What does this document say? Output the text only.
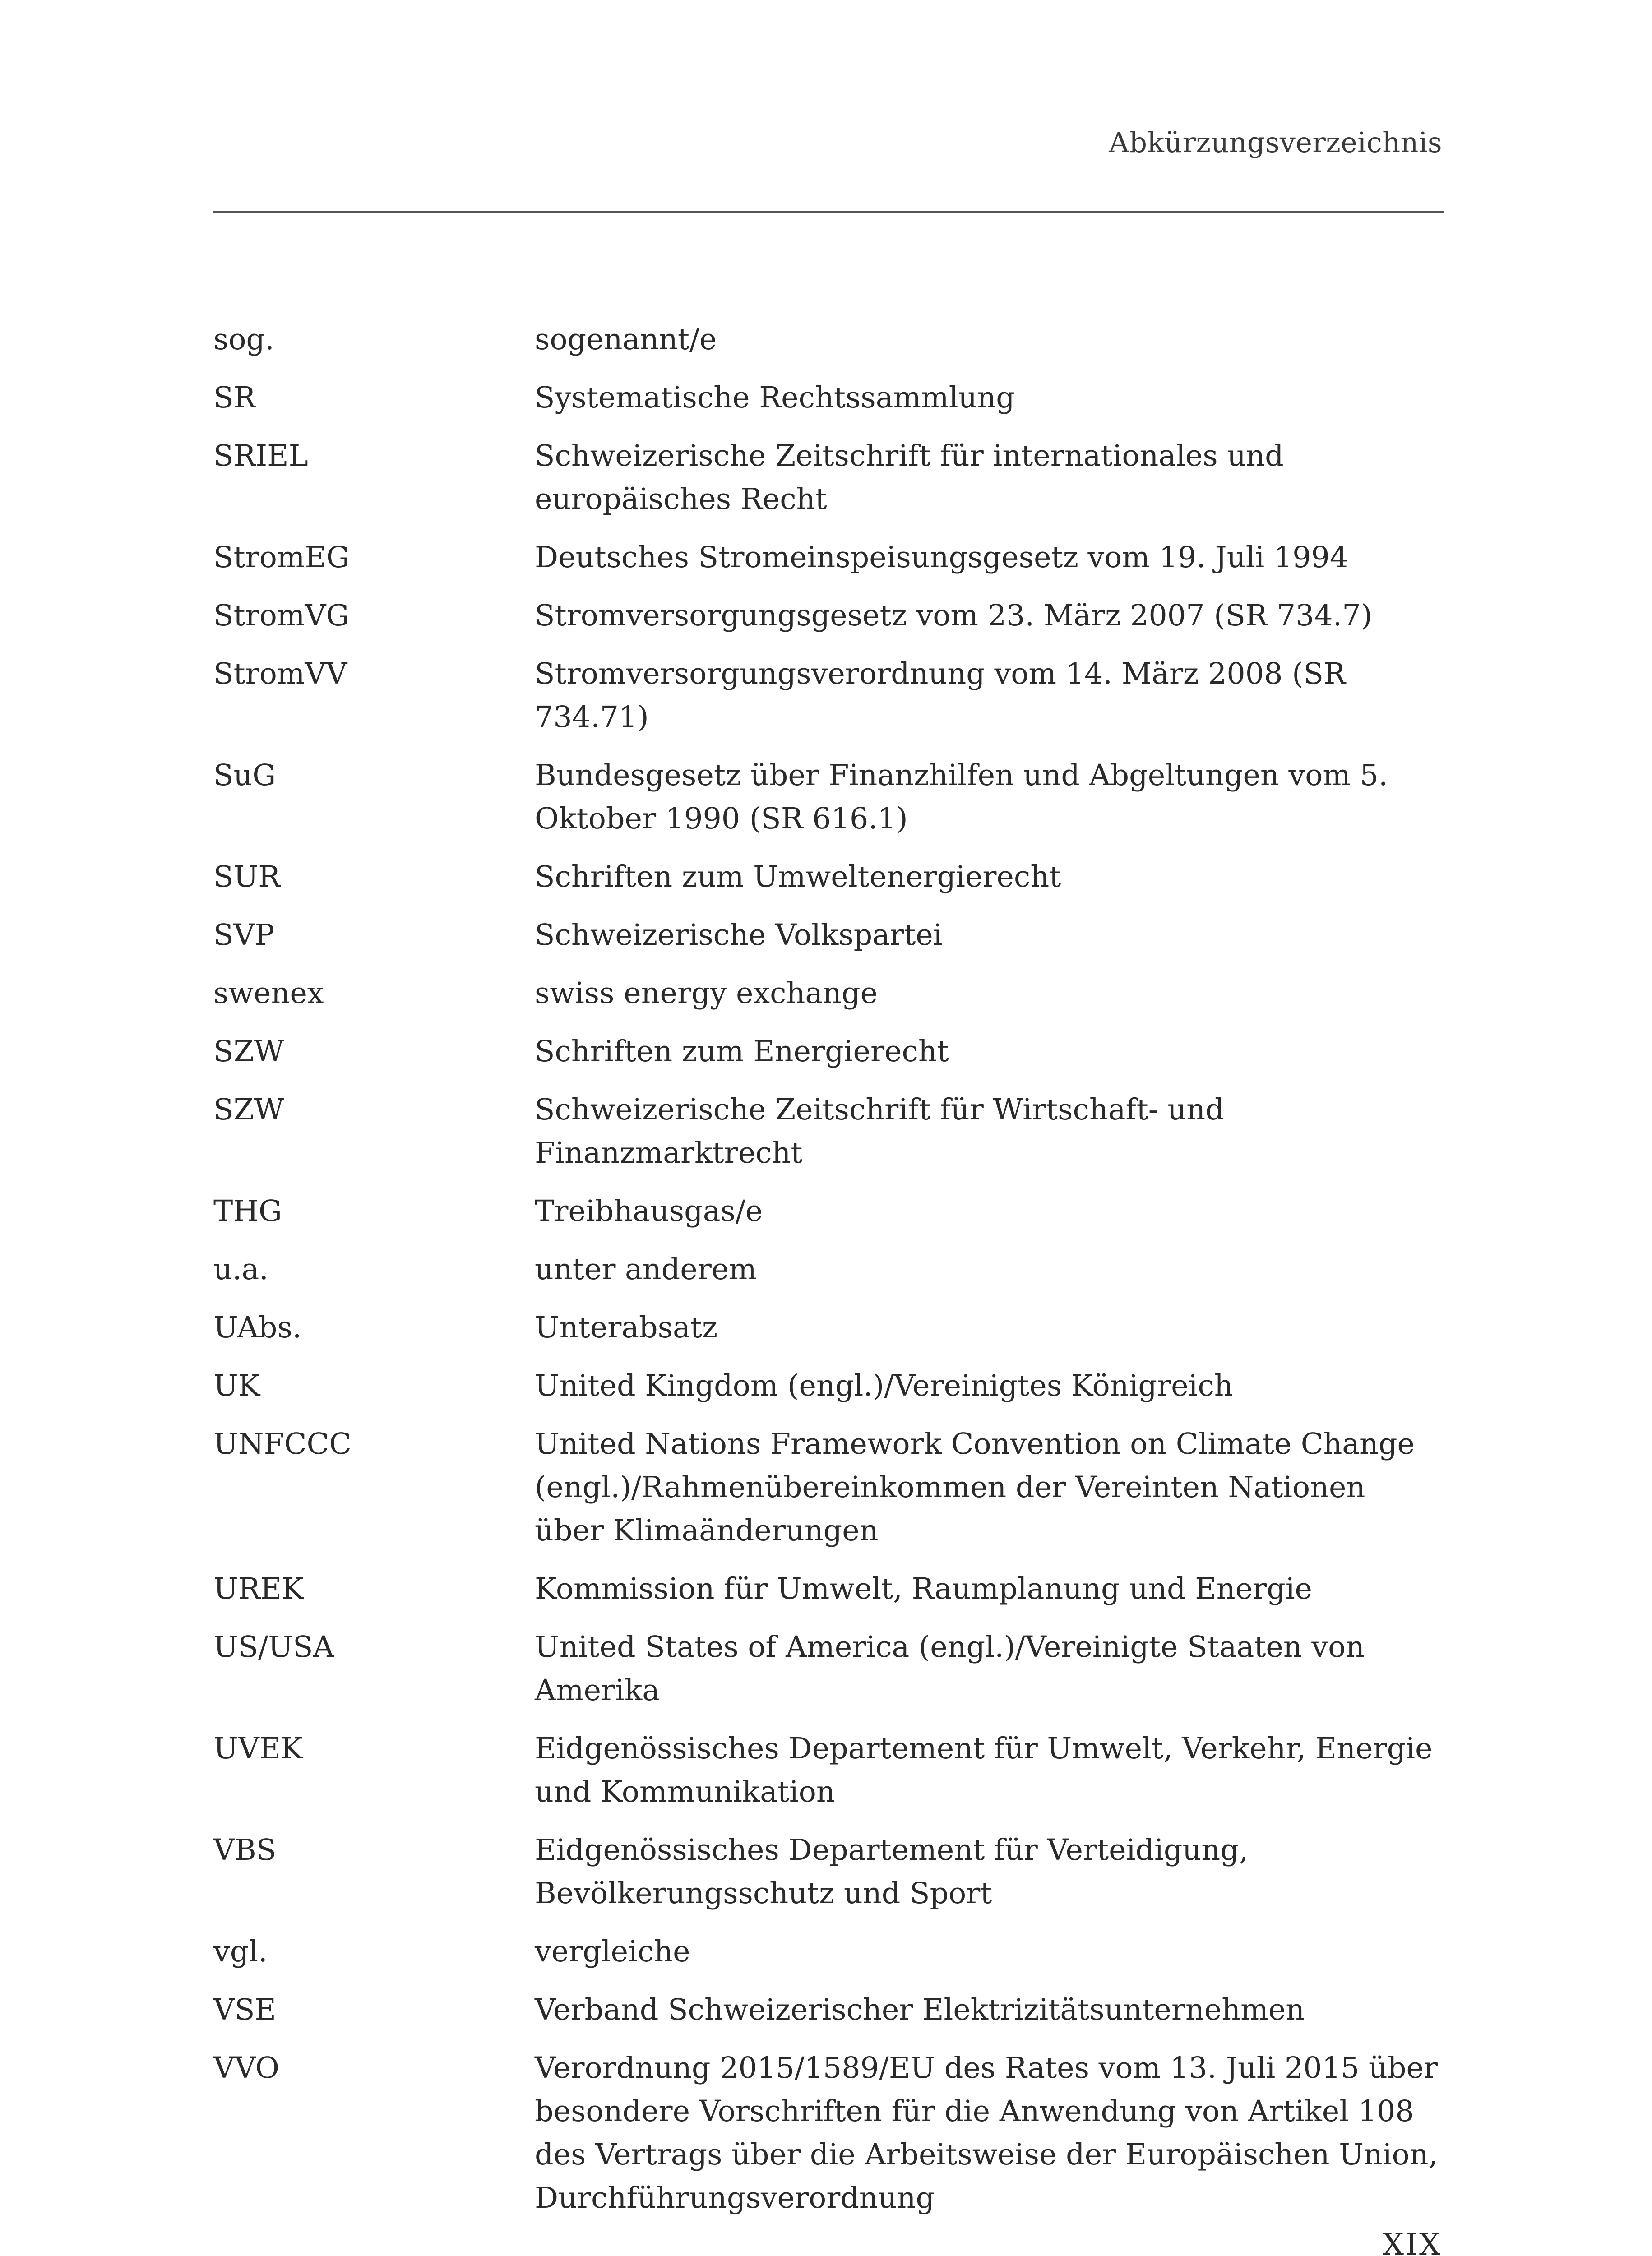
Abkürzungsverzeichnis
sog.	sogenannt/e
SR	Systematische Rechtssammlung
SRIEL	Schweizerische Zeitschrift für internationales und europäisches Recht
StromEG	Deutsches Stromeinspeisungsgesetz vom 19. Juli 1994
StromVG	Stromversorgungsgesetz vom 23. März 2007 (SR 734.7)
StromVV	Stromversorgungsverordnung vom 14. März 2008 (SR 734.71)
SuG	Bundesgesetz über Finanzhilfen und Abgeltungen vom 5. Oktober 1990 (SR 616.1)
SUR	Schriften zum Umweltenergierecht
SVP	Schweizerische Volkspartei
swenex	swiss energy exchange
SZW	Schriften zum Energierecht
SZW	Schweizerische Zeitschrift für Wirtschaft- und Finanzmarktrecht
THG	Treibhausgas/e
u.a.	unter anderem
UAbs.	Unterabsatz
UK	United Kingdom (engl.)/Vereinigtes Königreich
UNFCCC	United Nations Framework Convention on Climate Change (engl.)/Rahmenübereinkommen der Vereinten Nationen über Klimaänderungen
UREK	Kommission für Umwelt, Raumplanung und Energie
US/USA	United States of America (engl.)/Vereinigte Staaten von Amerika
UVEK	Eidgenössisches Departement für Umwelt, Verkehr, Energie und Kommunikation
VBS	Eidgenössisches Departement für Verteidigung, Bevölkerungsschutz und Sport
vgl.	vergleiche
VSE	Verband Schweizerischer Elektrizitätsunternehmen
VVO	Verordnung 2015/1589/EU des Rates vom 13. Juli 2015 über besondere Vorschriften für die Anwendung von Artikel 108 des Vertrags über die Arbeitsweise der Europäischen Union, Durchführungsverordnung
XIX
